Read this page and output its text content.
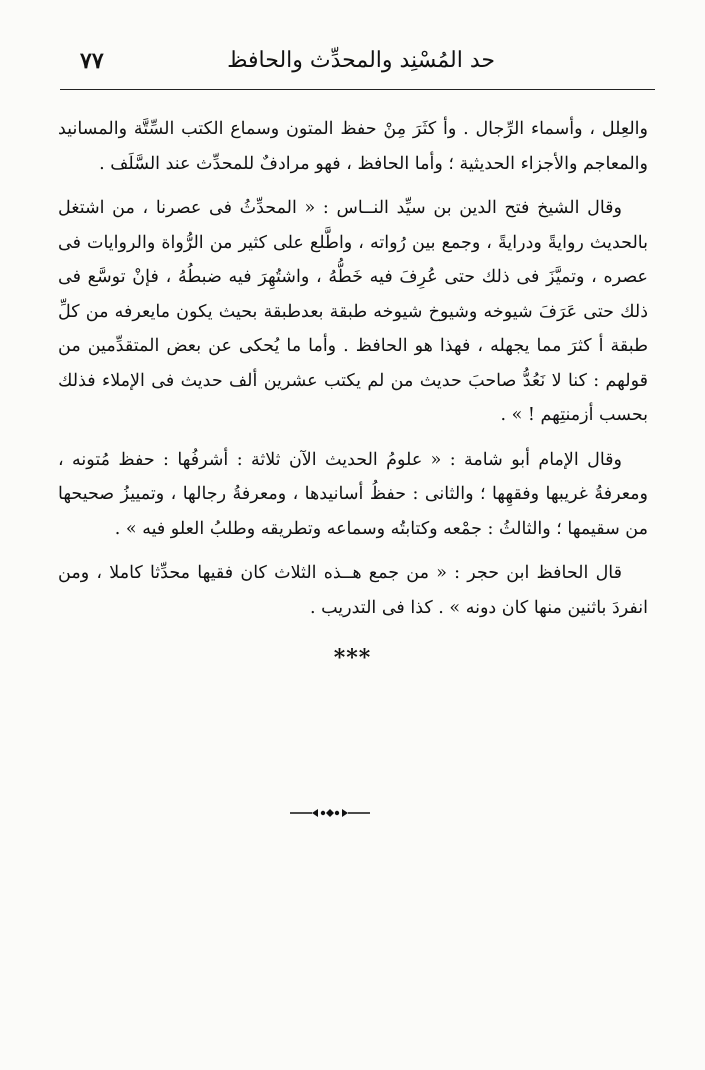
٧٧	حد المُسْنِد والمحدِّث والحافظ

والعِلل ، وأسماء الرِّجال . وأ كثَرَ مِنْ حفظ المتون وسماع الكتب السِّتَّة والمسانيد والمعاجم والأجزاء الحديثية ؛ وأما الحافظ ، فهو مرادفٌ للمحدِّث عند السَّلَف .

وقال الشيخ فتح الدين بن سيِّد النــاس : « المحدِّثُ فى عصرنا ، من اشتغل بالحديث روايةً ودرايةً ، وجمع بين رُواته ، واطَّلع على كثير من الرُّواة والروايات فى عصره ، وتميَّزَ فى ذلك حتى عُرِفَ فيه خَطُّهُ ، واشتُهِرَ فيه ضبطُهُ ، فإنْ توسَّع فى ذلك حتى عَرَفَ شيوخه وشيوخ شيوخه طبقة بعدطبقة بحيث يكون مايعرفه من كلِّ طبقة أ كثرَ مما يجهله ، فهذا هو الحافظ . وأما ما يُحكى عن بعض المتقدِّمين من قولهم : كنا لا نَعُدُّ صاحبَ حديث من لم يكتب عشرين ألف حديث فى الإملاء فذلك بحسب أزمنتِهم ! » .

وقال الإمام أبو شامة : « علومُ الحديث الآن ثلاثة : أشرفُها : حفظ مُتونه ، ومعرفةُ غريبها وفقهِها ؛ والثانى : حفظُ أسانيدها ، ومعرفةُ رجالها ، وتمييزُ صحيحها من سقيمها ؛ والثالثُ : جمْعه وكتابتُه وسماعه وتطريقه وطلبُ العلو فيه » .

قال الحافظ ابن حجر : « من جمع هــذه الثلاث كان فقيها محدِّثا كاملا ، ومن انفردَ باثنين منها كان دونه » . كذا فى التدريب .

***
